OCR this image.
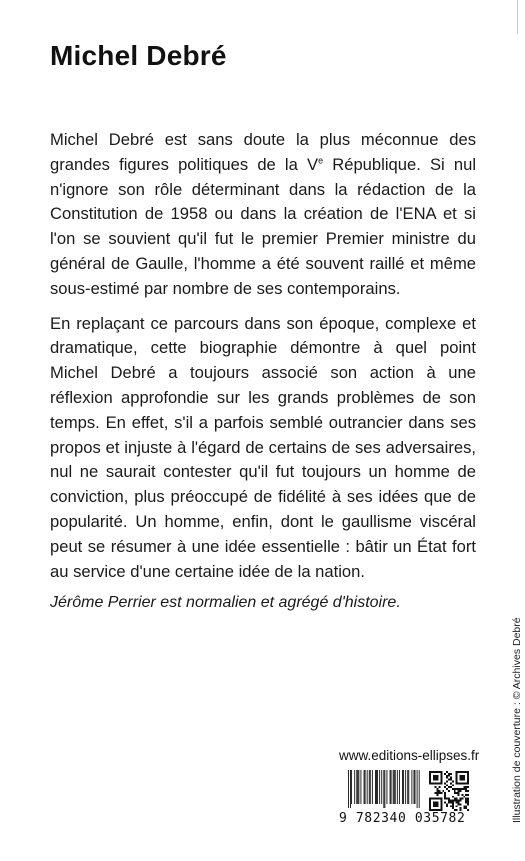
Michel Debré

Michel Debré est sans doute la plus méconnue des grandes figures politiques de la Ve République. Si nul n'ignore son rôle déterminant dans la rédaction de la Constitution de 1958 ou dans la création de l'ENA et si l'on se souvient qu'il fut le premier Premier ministre du général de Gaulle, l'homme a été souvent raillé et même sous-estimé par nombre de ses contemporains.

En replaçant ce parcours dans son époque, complexe et dramatique, cette biographie démontre à quel point Michel Debré a toujours associé son action à une réflexion approfondie sur les grands problèmes de son temps. En effet, s'il a parfois semblé outrancier dans ses propos et injuste à l'égard de certains de ses adversaires, nul ne saurait contester qu'il fut toujours un homme de conviction, plus préoccupé de fidélité à ses idées que de popularité. Un homme, enfin, dont le gaullisme viscéral peut se résumer à une idée essentielle : bâtir un État fort au service d'une certaine idée de la nation.

Jérôme Perrier est normalien et agrégé d'histoire.

Illustration de couverture : © Archives Debré

www.editions-ellipses.fr

9 782340 035782
